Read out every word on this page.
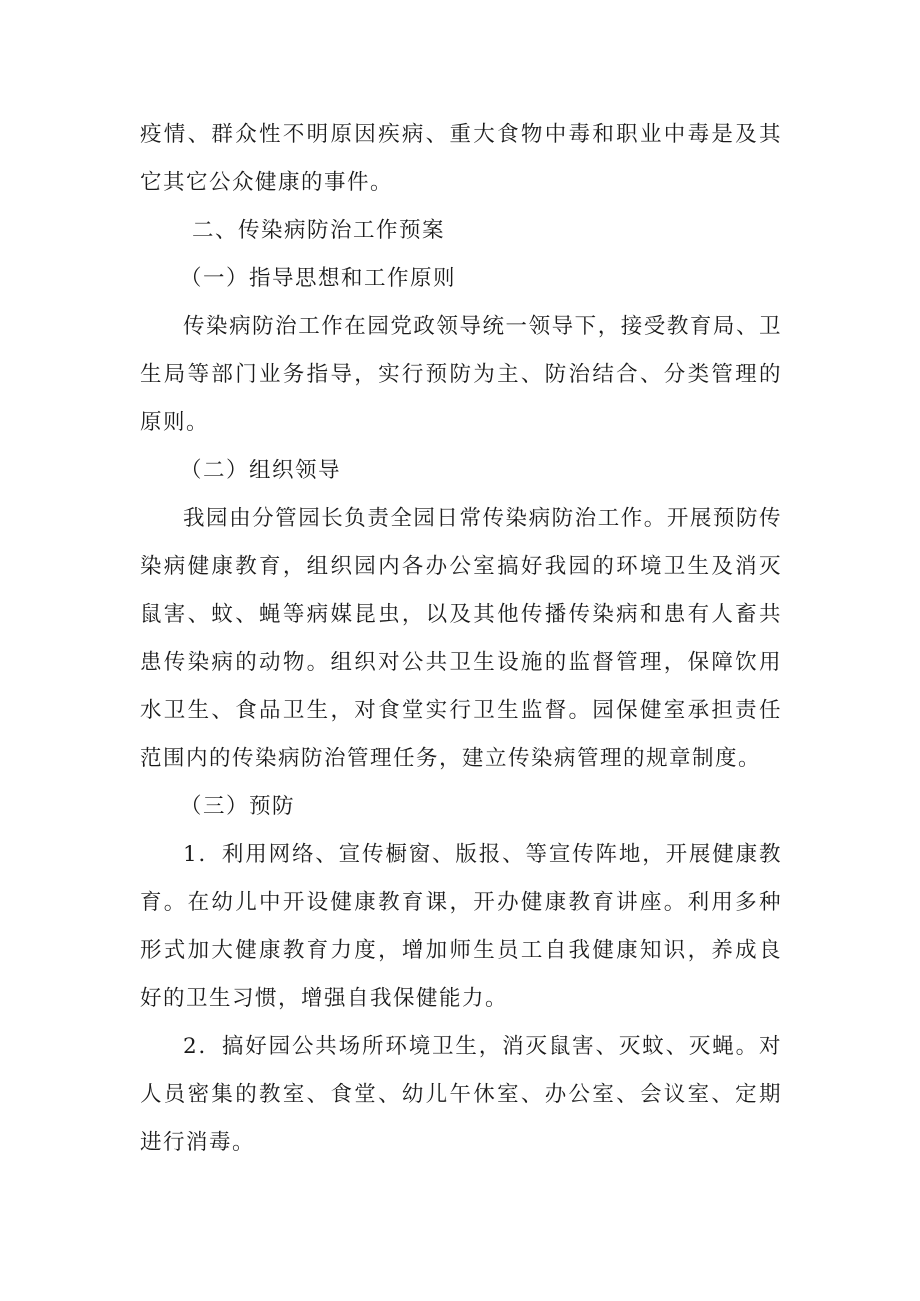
疫情、群众性不明原因疾病、重大食物中毒和职业中毒是及其它其它公众健康的事件。

二、传染病防治工作预案
（一）指导思想和工作原则

传染病防治工作在园党政领导统一领导下，接受教育局、卫生局等部门业务指导，实行预防为主、防治结合、分类管理的原则。

（二）组织领导

我园由分管园长负责全园日常传染病防治工作。开展预防传染病健康教育，组织园内各办公室搞好我园的环境卫生及消灭鼠害、蚊、蝇等病媒昆虫，以及其他传播传染病和患有人畜共患传染病的动物。组织对公共卫生设施的监督管理，保障饮用水卫生、食品卫生，对食堂实行卫生监督。园保健室承担责任范围内的传染病防治管理任务，建立传染病管理的规章制度。

（三）预防

1．利用网络、宣传橱窗、版报、等宣传阵地，开展健康教育。在幼儿中开设健康教育课，开办健康教育讲座。利用多种形式加大健康教育力度，增加师生员工自我健康知识，养成良好的卫生习惯，增强自我保健能力。

2．搞好园公共场所环境卫生，消灭鼠害、灭蚊、灭蝇。对人员密集的教室、食堂、幼儿午休室、办公室、会议室、定期进行消毒。
